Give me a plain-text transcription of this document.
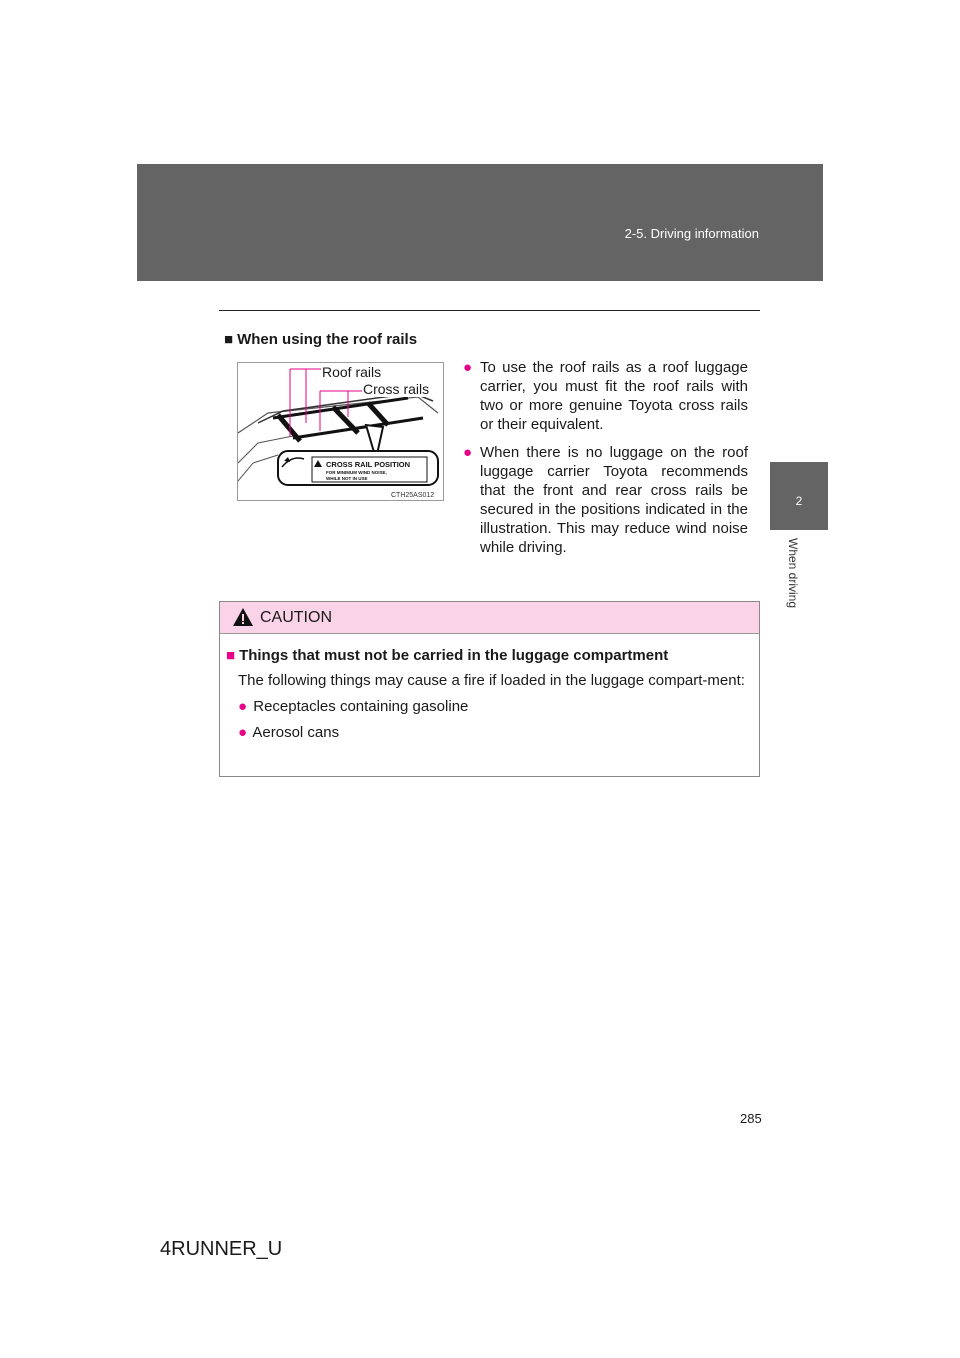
2-5. Driving information
2
When driving
■ When using the roof rails
CROSS RAIL POSITION
FOR MINIMUM WIND NOISE,
WHILE NOT IN USE
CTH25AS012
Roof rails
Cross rails
● To use the roof rails as a roof luggage carrier, you must fit the roof rails with two or more genuine Toyota cross rails or their equivalent.
● When there is no luggage on the roof luggage carrier Toyota recommends that the front and rear cross rails be secured in the positions indicated in the illustration. This may reduce wind noise while driving.
CAUTION
■ Things that must not be carried in the luggage compartment
The following things may cause a fire if loaded in the luggage compart-ment:
● Receptacles containing gasoline
● Aerosol cans
285
4RUNNER_U
